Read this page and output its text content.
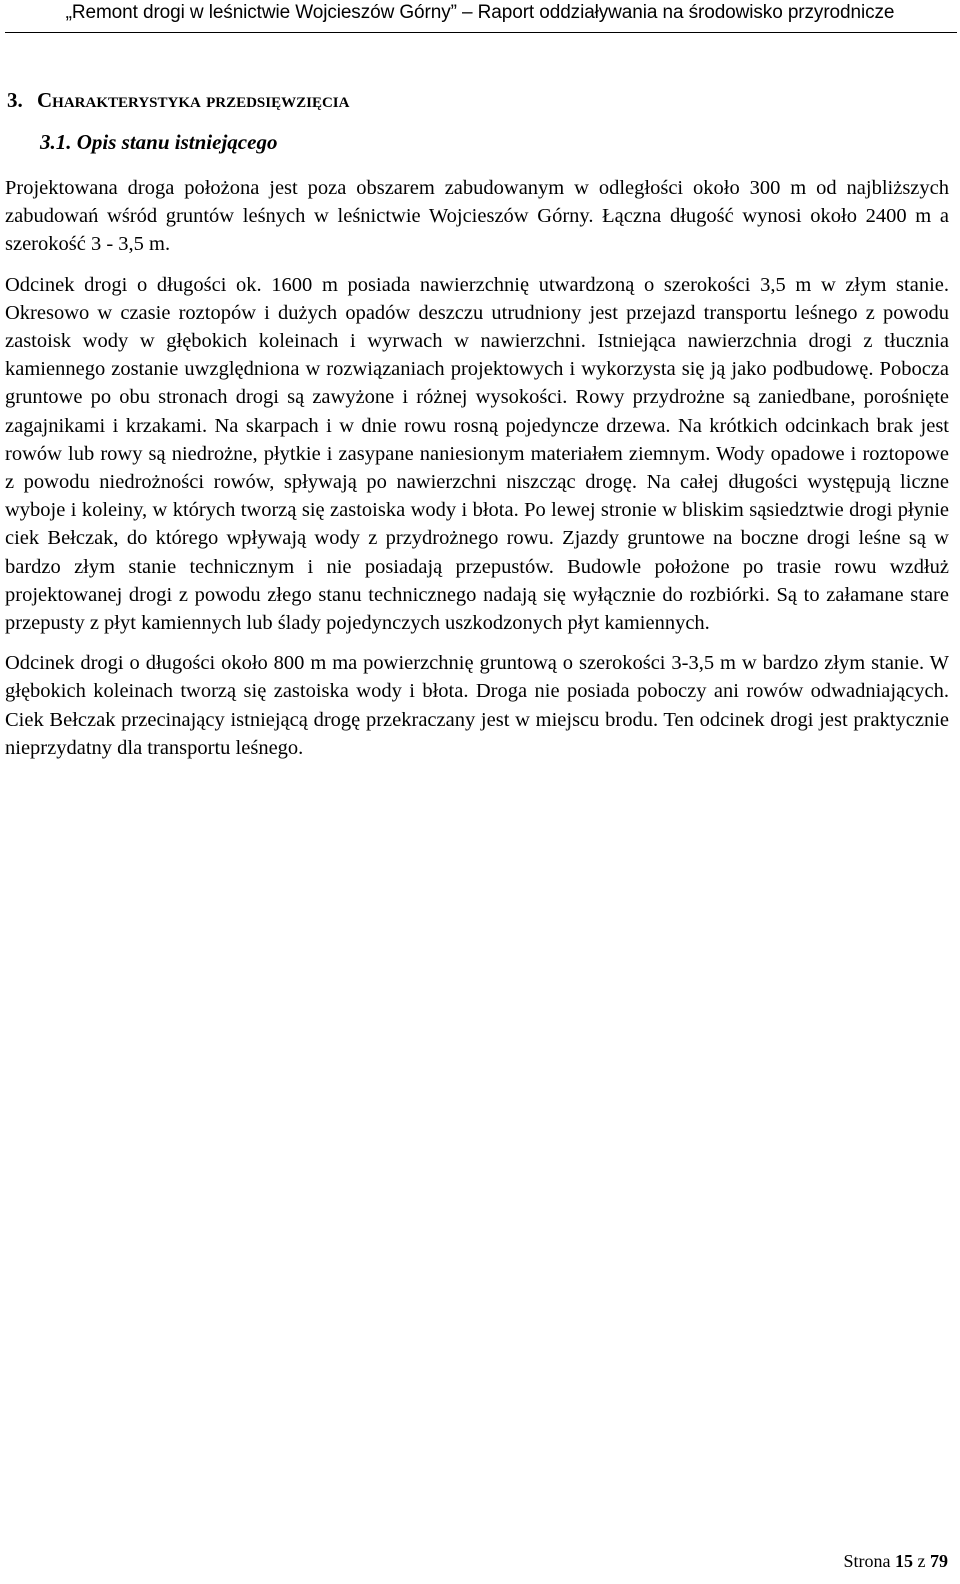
„Remont drogi w leśnictwie Wojcieszów Górny” – Raport oddziaływania na środowisko przyrodnicze
3. Charakterystyka przedsięwzięcia
3.1. Opis stanu istniejącego

Projektowana droga położona jest poza obszarem zabudowanym w odległości około 300 m od najbliższych zabudowań wśród gruntów leśnych w leśnictwie Wojcieszów Górny. Łączna długość wynosi około 2400 m a szerokość 3 - 3,5 m.

Odcinek drogi o długości ok. 1600 m posiada nawierzchnię utwardzoną o szerokości 3,5 m w złym stanie. Okresowo w czasie roztopów i dużych opadów deszczu utrudniony jest przejazd transportu leśnego z powodu zastoisk wody w głębokich koleinach i wyrwach w nawierzchni. Istniejąca nawierzchnia drogi z tłucznia kamiennego zostanie uwzględniona w rozwiązaniach projektowych i wykorzysta się ją jako podbudowę. Pobocza gruntowe po obu stronach drogi są zawyżone i różnej wysokości. Rowy przydrożne są zaniedbane, porośnięte zagajnikami i krzakami. Na skarpach i w dnie rowu rosną pojedyncze drzewa. Na krótkich odcinkach brak jest rowów lub rowy są niedrożne, płytkie i zasypane naniesionym materiałem ziemnym. Wody opadowe i roztopowe z powodu niedrożności rowów, spływają po nawierzchni niszcząc drogę. Na całej długości występują liczne wyboje i koleiny, w których tworzą się zastoiska wody i błota. Po lewej stronie w bliskim sąsiedztwie drogi płynie ciek Bełczak, do którego wpływają wody z przydrożnego rowu. Zjazdy gruntowe na boczne drogi leśne są w bardzo złym stanie technicznym i nie posiadają przepustów. Budowle położone po trasie rowu wzdłuż projektowanej drogi z powodu złego stanu technicznego nadają się wyłącznie do rozbiórki. Są to załamane stare przepusty z płyt kamiennych lub ślady pojedynczych uszkodzonych płyt kamiennych.

Odcinek drogi o długości około 800 m ma powierzchnię gruntową o szerokości 3-3,5 m w bardzo złym stanie. W głębokich koleinach tworzą się zastoiska wody i błota. Droga nie posiada poboczy ani rowów odwadniających. Ciek Bełczak przecinający istniejącą drogę przekraczany jest w miejscu brodu. Ten odcinek drogi jest praktycznie nieprzydatny dla transportu leśnego.

Strona 15 z 79
